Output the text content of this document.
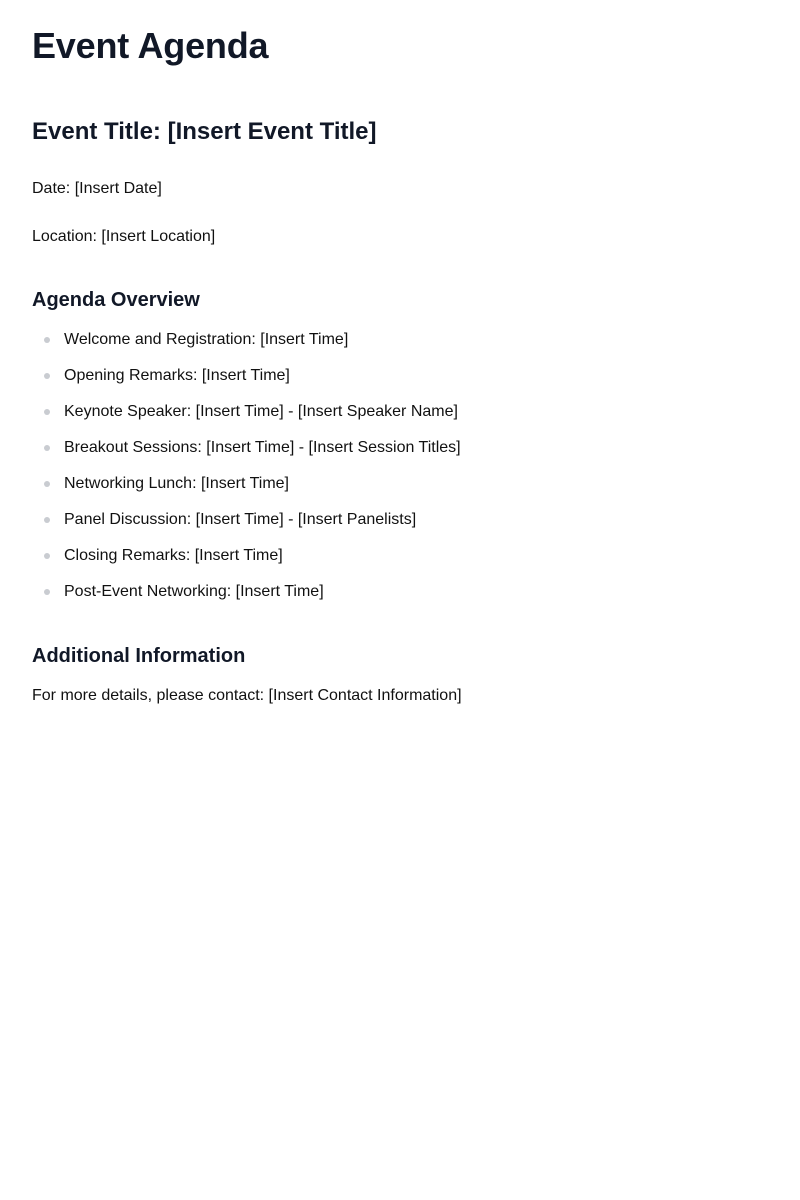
Event Agenda
Event Title: [Insert Event Title]

Date: [Insert Date]

Location: [Insert Location]

Agenda Overview
Welcome and Registration: [Insert Time]
Opening Remarks: [Insert Time]
Keynote Speaker: [Insert Time] - [Insert Speaker Name]
Breakout Sessions: [Insert Time] - [Insert Session Titles]
Networking Lunch: [Insert Time]
Panel Discussion: [Insert Time] - [Insert Panelists]
Closing Remarks: [Insert Time]
Post-Event Networking: [Insert Time]
Additional Information

For more details, please contact: [Insert Contact Information]
